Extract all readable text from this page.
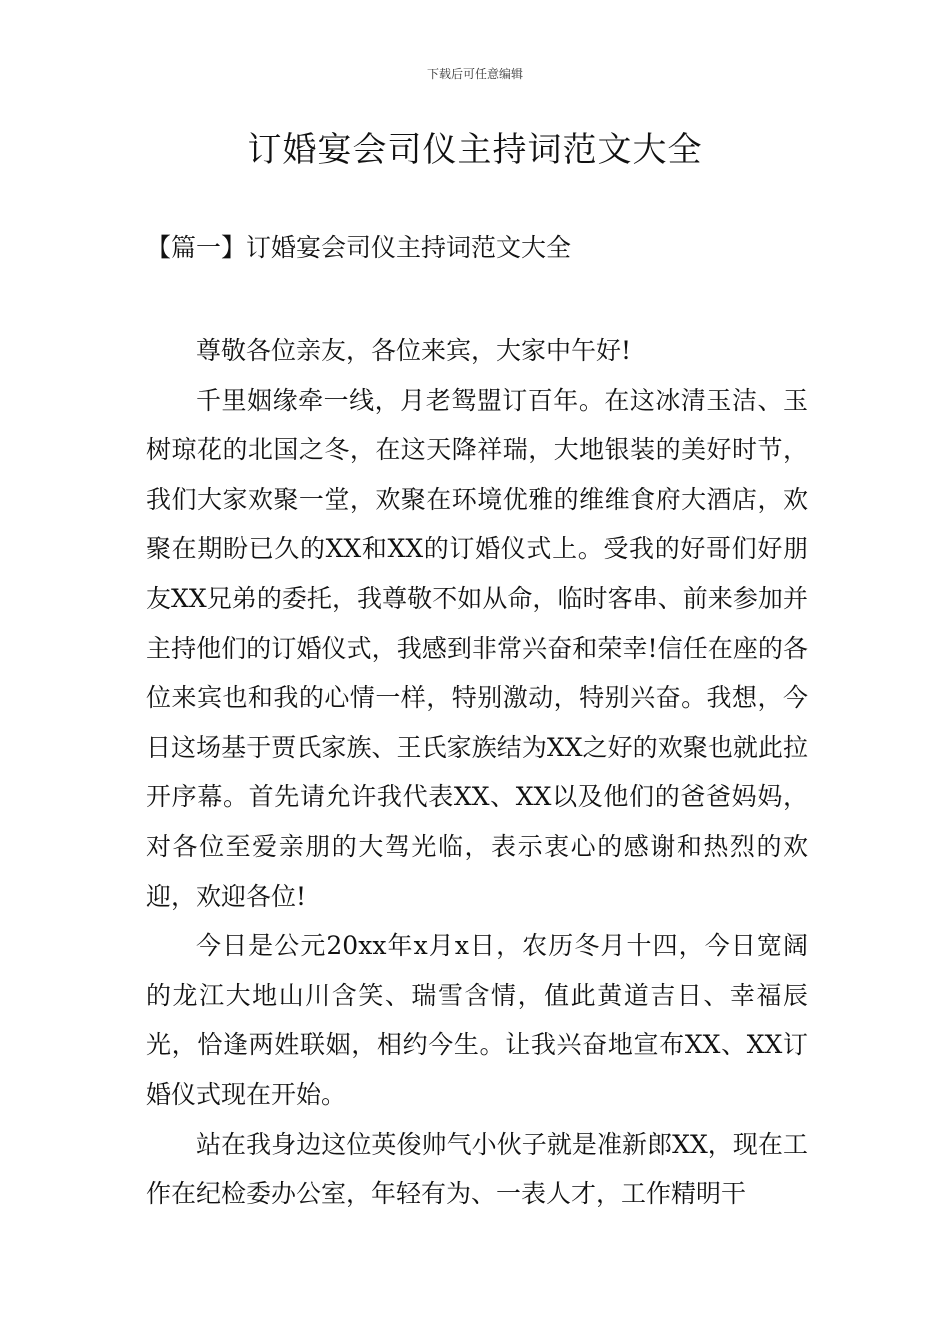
下载后可任意编辑
订婚宴会司仪主持词范文大全
【篇一】订婚宴会司仪主持词范文大全

尊敬各位亲友，各位来宾，大家中午好!

千里姻缘牵一线，月老鸳盟订百年。在这冰清玉洁、玉树琼花的北国之冬，在这天降祥瑞，大地银装的美好时节，我们大家欢聚一堂，欢聚在环境优雅的维维食府大酒店，欢聚在期盼已久的XX和XX的订婚仪式上。受我的好哥们好朋友XX兄弟的委托，我尊敬不如从命，临时客串、前来参加并主持他们的订婚仪式，我感到非常兴奋和荣幸!信任在座的各位来宾也和我的心情一样，特别激动，特别兴奋。我想，今日这场基于贾氏家族、王氏家族结为XX之好的欢聚也就此拉开序幕。首先请允许我代表XX、XX以及他们的爸爸妈妈，对各位至爱亲朋的大驾光临，表示衷心的感谢和热烈的欢迎，欢迎各位!

今日是公元20xx年x月x日，农历冬月十四，今日宽阔的龙江大地山川含笑、瑞雪含情，值此黄道吉日、幸福辰光，恰逢两姓联姻，相约今生。让我兴奋地宣布XX、XX订婚仪式现在开始。

站在我身边这位英俊帅气小伙子就是准新郎XX，现在工作在纪检委办公室，年轻有为、一表人才，工作精明干
